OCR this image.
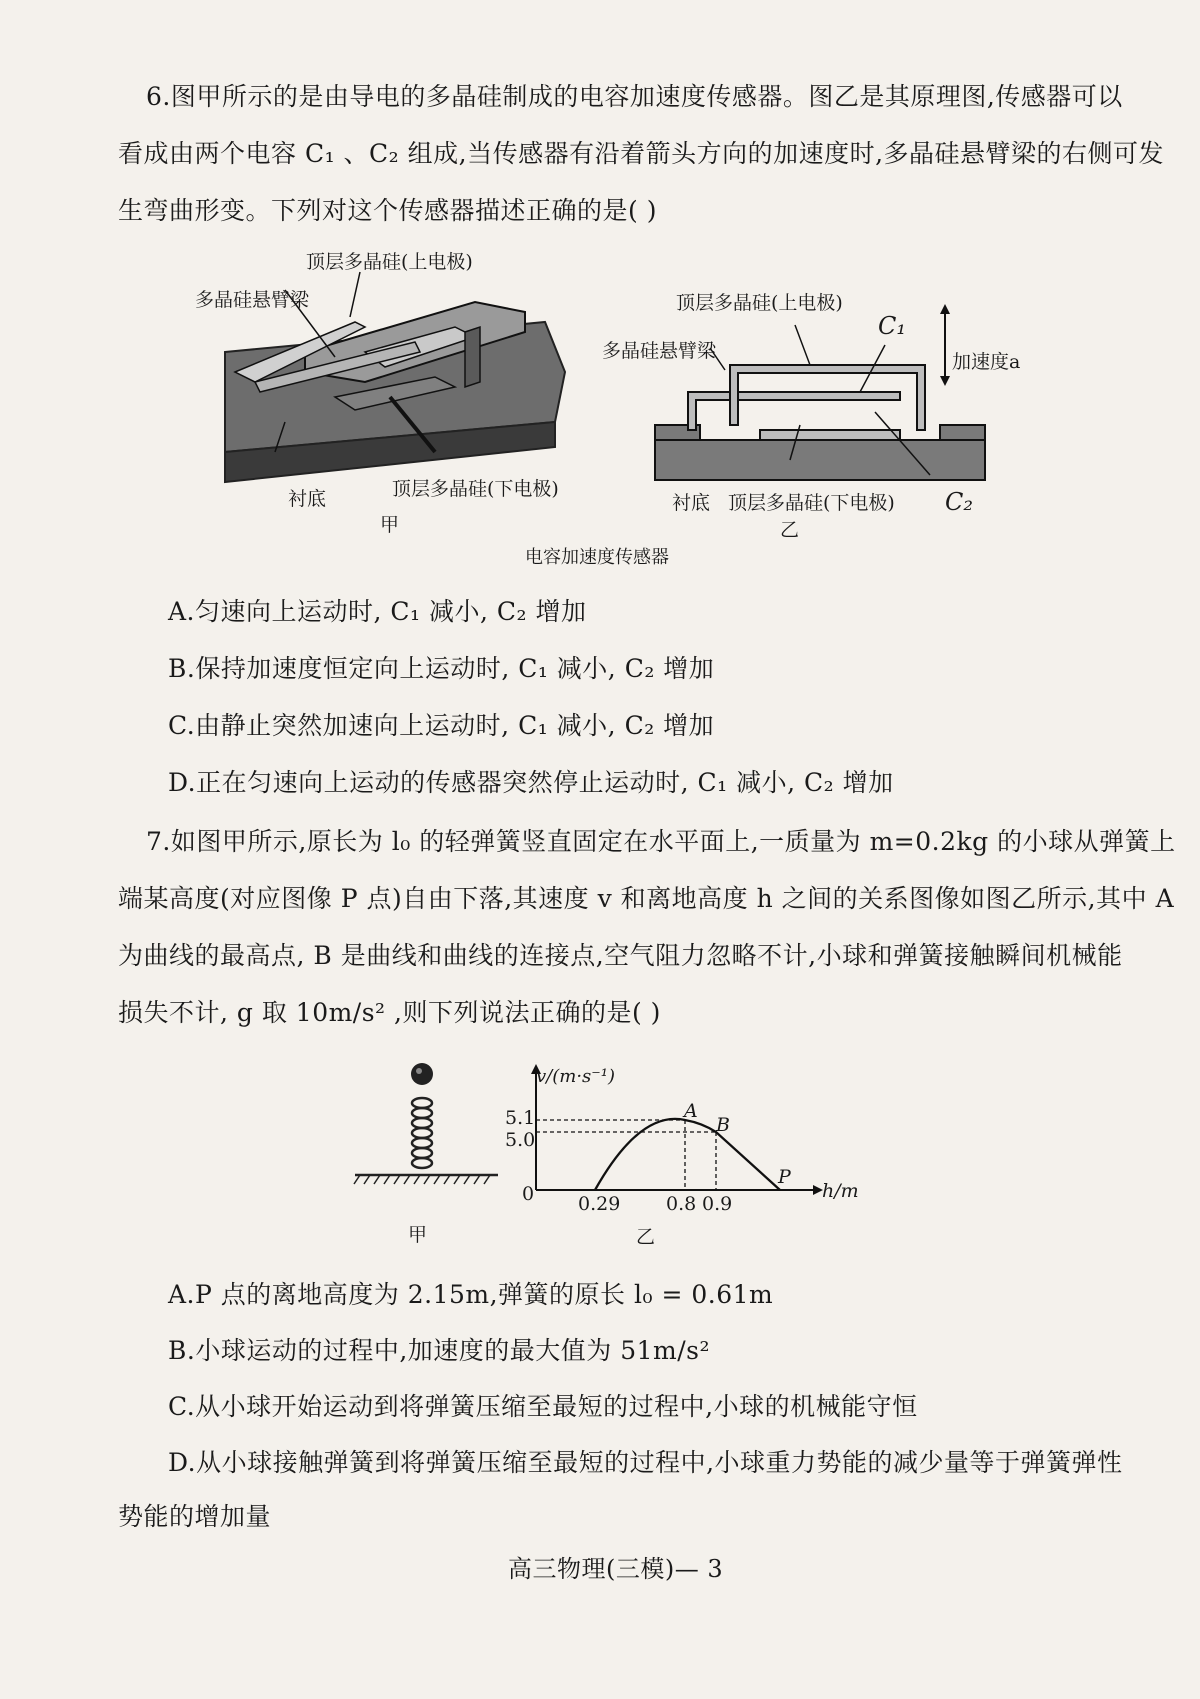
6.图甲所示的是由导电的多晶硅制成的电容加速度传感器。图乙是其原理图,传感器可以
看成由两个电容 C₁ 、C₂ 组成,当传感器有沿着箭头方向的加速度时,多晶硅悬臂梁的右侧可发
生弯曲形变。下列对这个传感器描述正确的是( )
顶层多晶硅(上电极)
多晶硅悬臂梁
衬底	顶层多晶硅(下电极)
甲
顶层多晶硅(上电极)
多晶硅悬臂梁
C₁
加速度a
衬底 顶层多晶硅(下电极) C₂
乙
电容加速度传感器
A.匀速向上运动时, C₁ 减小, C₂ 增加
B.保持加速度恒定向上运动时, C₁ 减小, C₂ 增加
C.由静止突然加速向上运动时, C₁ 减小, C₂ 增加
D.正在匀速向上运动的传感器突然停止运动时, C₁ 减小, C₂ 增加
7.如图甲所示,原长为 l₀ 的轻弹簧竖直固定在水平面上,一质量为 m=0.2kg 的小球从弹簧上
端某高度(对应图像 P 点)自由下落,其速度 v 和离地高度 h 之间的关系图像如图乙所示,其中 A
为曲线的最高点, B 是曲线和曲线的连接点,空气阻力忽略不计,小球和弹簧接触瞬间机械能
损失不计, g 取 10m/s² ,则下列说法正确的是( )
甲
v/(m·s⁻¹)
h/m
0
5.1
5.0
0.29 0.8 0.9
A
B
P
乙
A.P 点的离地高度为 2.15m,弹簧的原长 l₀ = 0.61m
B.小球运动的过程中,加速度的最大值为 51m/s²
C.从小球开始运动到将弹簧压缩至最短的过程中,小球的机械能守恒
D.从小球接触弹簧到将弹簧压缩至最短的过程中,小球重力势能的减少量等于弹簧弹性
势能的增加量
高三物理(三模)— 3
